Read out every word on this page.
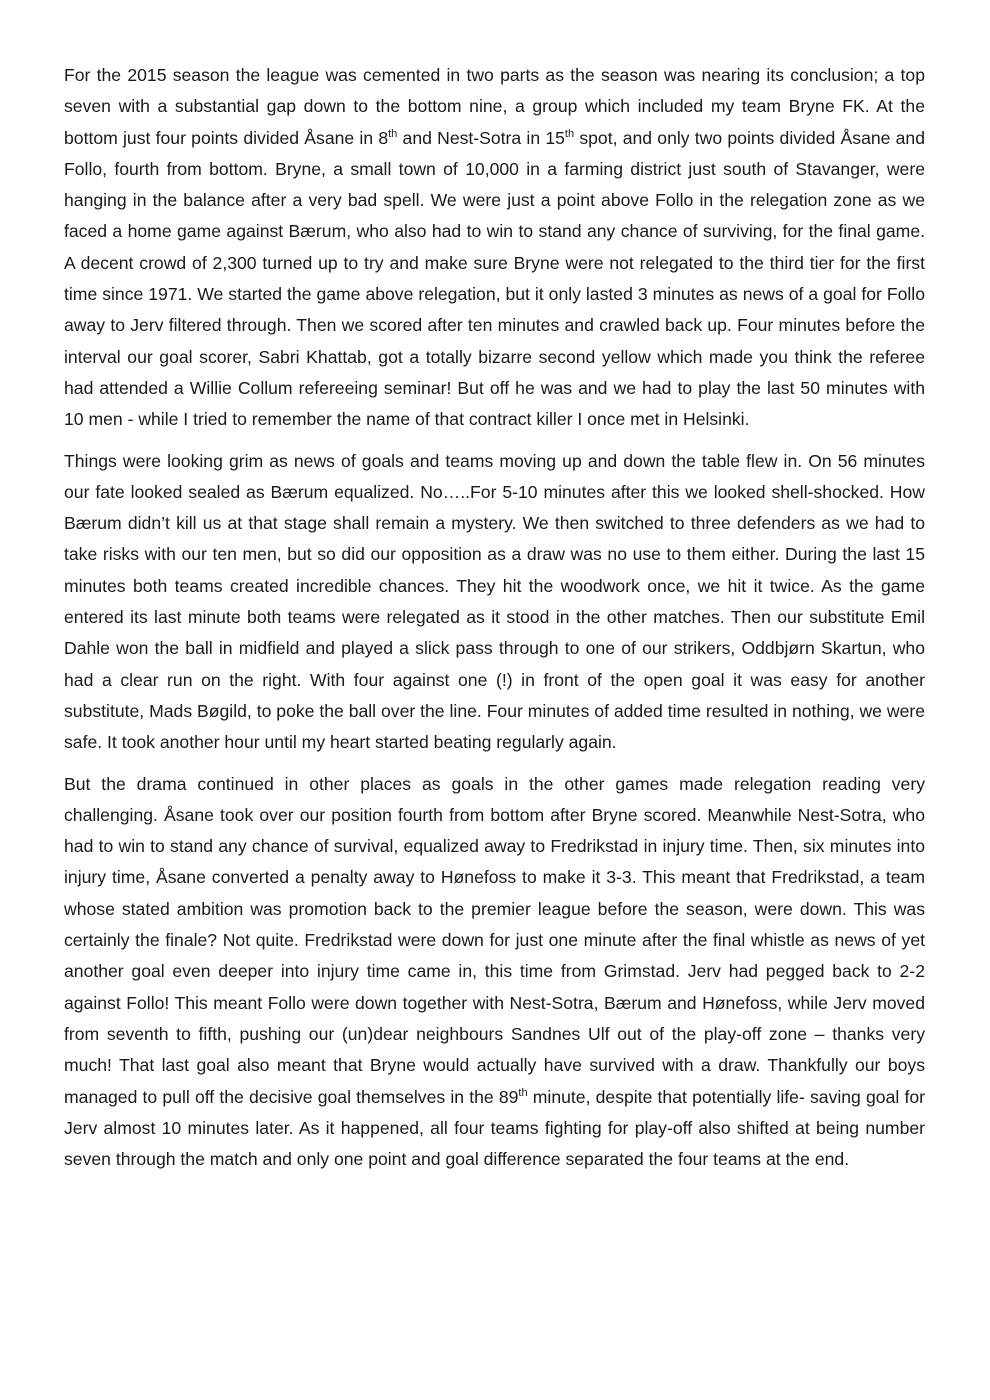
For the 2015 season the league was cemented in two parts as the season was nearing its conclusion; a top seven with a substantial gap down to the bottom nine, a group which included my team Bryne FK. At the bottom just four points divided Åsane in 8th and Nest-Sotra in 15th spot, and only two points divided Åsane and Follo, fourth from bottom. Bryne, a small town of 10,000 in a farming district just south of Stavanger, were hanging in the balance after a very bad spell. We were just a point above Follo in the relegation zone as we faced a home game against Bærum, who also had to win to stand any chance of surviving, for the final game. A decent crowd of 2,300 turned up to try and make sure Bryne were not relegated to the third tier for the first time since 1971. We started the game above relegation, but it only lasted 3 minutes as news of a goal for Follo away to Jerv filtered through. Then we scored after ten minutes and crawled back up. Four minutes before the interval our goal scorer, Sabri Khattab, got a totally bizarre second yellow which made you think the referee had attended a Willie Collum refereeing seminar! But off he was and we had to play the last 50 minutes with 10 men - while I tried to remember the name of that contract killer I once met in Helsinki.

Things were looking grim as news of goals and teams moving up and down the table flew in. On 56 minutes our fate looked sealed as Bærum equalized. No…..For 5-10 minutes after this we looked shell-shocked. How Bærum didn’t kill us at that stage shall remain a mystery. We then switched to three defenders as we had to take risks with our ten men, but so did our opposition as a draw was no use to them either. During the last 15 minutes both teams created incredible chances. They hit the woodwork once, we hit it twice. As the game entered its last minute both teams were relegated as it stood in the other matches. Then our substitute Emil Dahle won the ball in midfield and played a slick pass through to one of our strikers, Oddbjørn Skartun, who had a clear run on the right. With four against one (!) in front of the open goal it was easy for another substitute, Mads Bøgild, to poke the ball over the line. Four minutes of added time resulted in nothing, we were safe. It took another hour until my heart started beating regularly again.

But the drama continued in other places as goals in the other games made relegation reading very challenging. Åsane took over our position fourth from bottom after Bryne scored. Meanwhile Nest-Sotra, who had to win to stand any chance of survival, equalized away to Fredrikstad in injury time. Then, six minutes into injury time, Åsane converted a penalty away to Hønefoss to make it 3-3. This meant that Fredrikstad, a team whose stated ambition was promotion back to the premier league before the season, were down. This was certainly the finale? Not quite. Fredrikstad were down for just one minute after the final whistle as news of yet another goal even deeper into injury time came in, this time from Grimstad. Jerv had pegged back to 2-2 against Follo! This meant Follo were down together with Nest-Sotra, Bærum and Hønefoss, while Jerv moved from seventh to fifth, pushing our (un)dear neighbours Sandnes Ulf out of the play-off zone – thanks very much! That last goal also meant that Bryne would actually have survived with a draw. Thankfully our boys managed to pull off the decisive goal themselves in the 89th minute, despite that potentially life- saving goal for Jerv almost 10 minutes later. As it happened, all four teams fighting for play-off also shifted at being number seven through the match and only one point and goal difference separated the four teams at the end.
